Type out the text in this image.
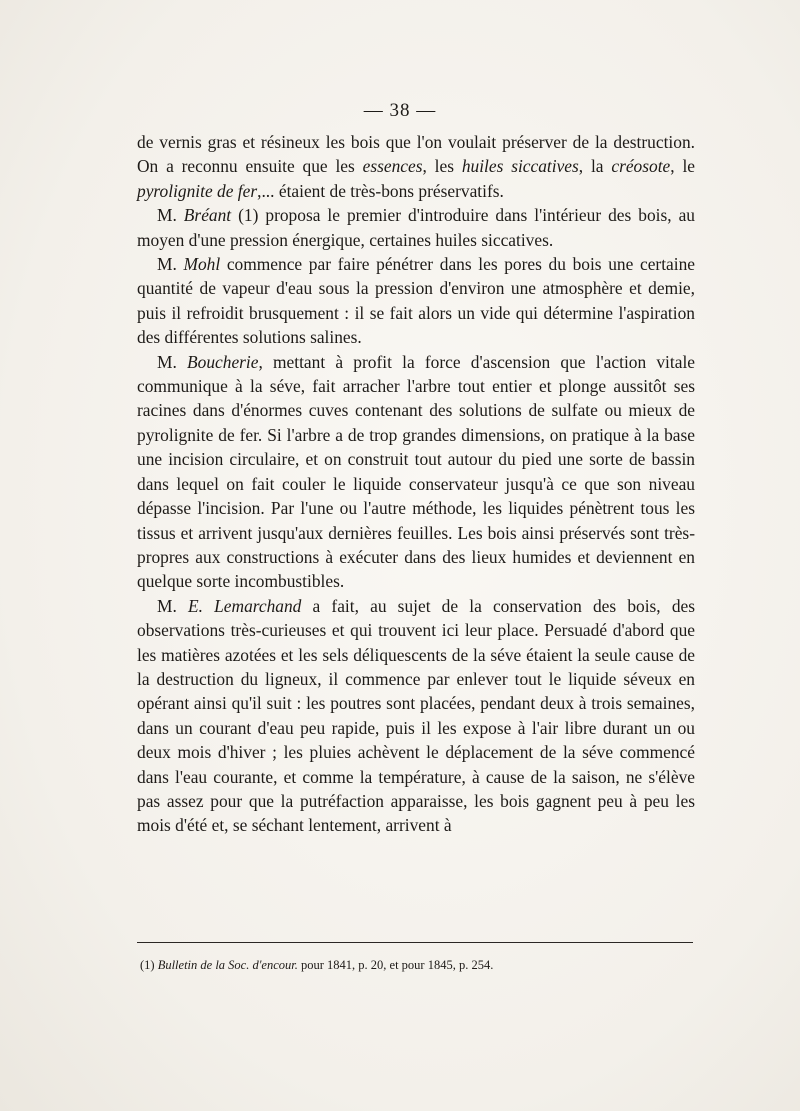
— 38 —

de vernis gras et résineux les bois que l'on voulait préserver de la destruction. On a reconnu ensuite que les essences, les huiles siccatives, la créosote, le pyrolignite de fer,... étaient de très-bons préservatifs.

M. Bréant (1) proposa le premier d'introduire dans l'intérieur des bois, au moyen d'une pression énergique, certaines huiles siccatives.

M. Mohl commence par faire pénétrer dans les pores du bois une certaine quantité de vapeur d'eau sous la pression d'environ une atmosphère et demie, puis il refroidit brusquement : il se fait alors un vide qui détermine l'aspiration des différentes solutions salines.

M. Boucherie, mettant à profit la force d'ascension que l'action vitale communique à la séve, fait arracher l'arbre tout entier et plonge aussitôt ses racines dans d'énormes cuves contenant des solutions de sulfate ou mieux de pyrolignite de fer. Si l'arbre a de trop grandes dimensions, on pratique à la base une incision circulaire, et on construit tout autour du pied une sorte de bassin dans lequel on fait couler le liquide conservateur jusqu'à ce que son niveau dépasse l'incision. Par l'une ou l'autre méthode, les liquides pénètrent tous les tissus et arrivent jusqu'aux dernières feuilles. Les bois ainsi préservés sont très-propres aux constructions à exécuter dans des lieux humides et deviennent en quelque sorte incombustibles.

M. E. Lemarchand a fait, au sujet de la conservation des bois, des observations très-curieuses et qui trouvent ici leur place. Persuadé d'abord que les matières azotées et les sels déliquescents de la séve étaient la seule cause de la destruction du ligneux, il commence par enlever tout le liquide séveux en opérant ainsi qu'il suit : les poutres sont placées, pendant deux à trois semaines, dans un courant d'eau peu rapide, puis il les expose à l'air libre durant un ou deux mois d'hiver ; les pluies achèvent le déplacement de la séve commencé dans l'eau courante, et comme la température, à cause de la saison, ne s'élève pas assez pour que la putréfaction apparaisse, les bois gagnent peu à peu les mois d'été et, se séchant lentement, arrivent à

(1) Bulletin de la Soc. d'encour. pour 1841, p. 20, et pour 1845, p. 254.
